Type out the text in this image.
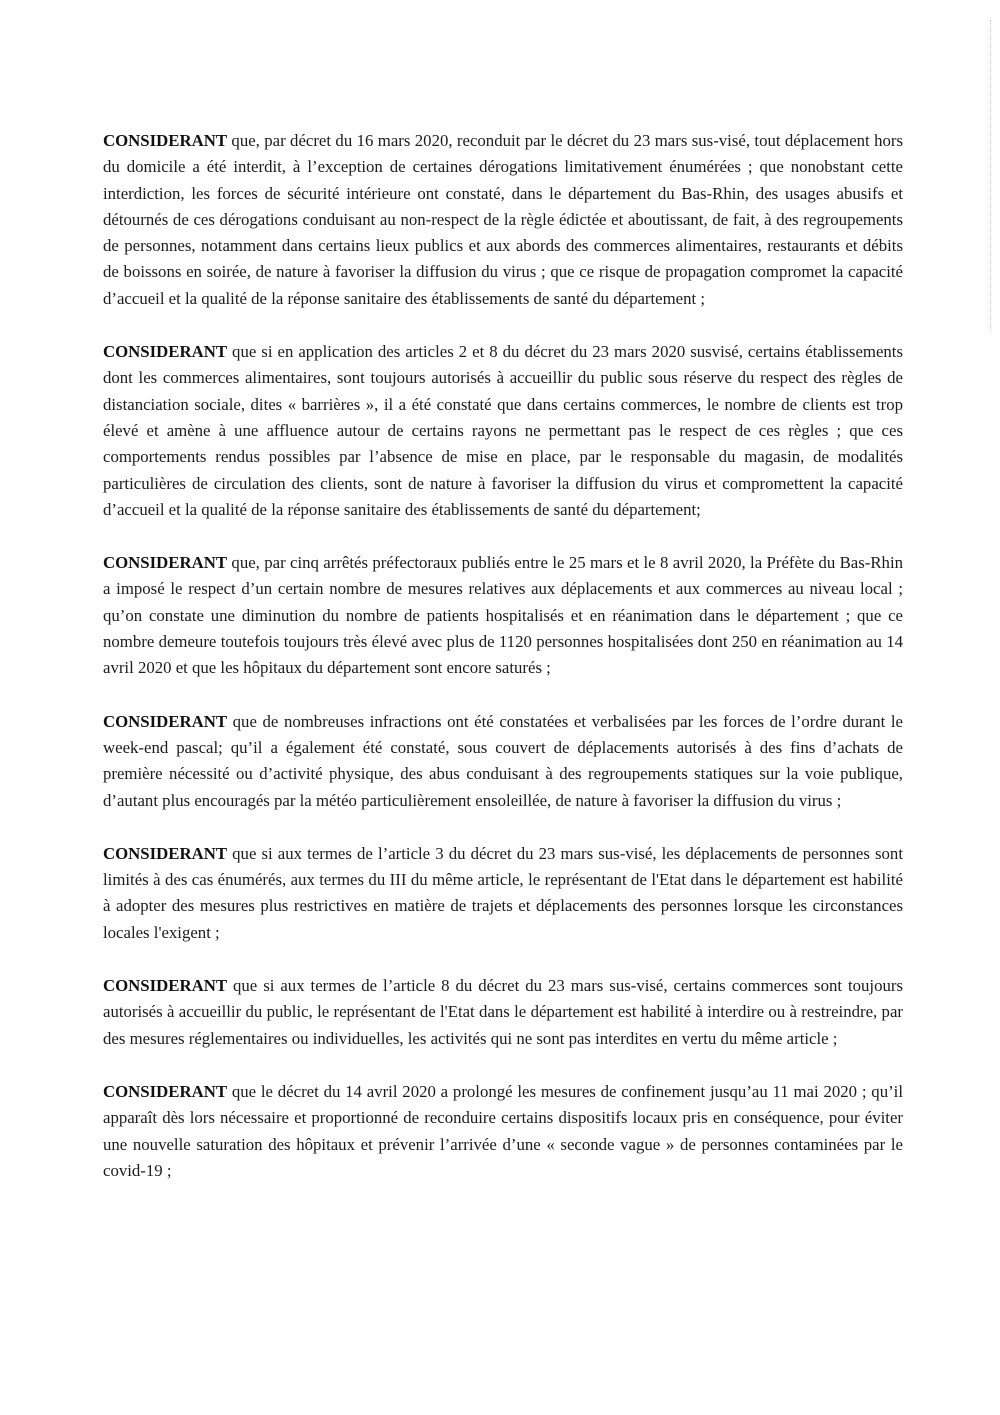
CONSIDERANT que, par décret du 16 mars 2020, reconduit par le décret du 23 mars sus-visé, tout déplacement hors du domicile a été interdit, à l’exception de certaines dérogations limitativement énumérées ; que nonobstant cette interdiction, les forces de sécurité intérieure ont constaté, dans le département du Bas-Rhin, des usages abusifs et détournés de ces dérogations conduisant au non-respect de la règle édictée et aboutissant, de fait, à des regroupements de personnes, notamment dans certains lieux publics et aux abords des commerces alimentaires, restaurants et débits de boissons en soirée, de nature à favoriser la diffusion du virus ; que ce risque de propagation compromet la capacité d’accueil et la qualité de la réponse sanitaire des établissements de santé du département ;

CONSIDERANT que si en application des articles 2 et 8 du décret du 23 mars 2020 susvisé, certains établissements dont les commerces alimentaires, sont toujours autorisés à accueillir du public sous réserve du respect des règles de distanciation sociale, dites « barrières », il a été constaté que dans certains commerces, le nombre de clients est trop élevé et amène à une affluence autour de certains rayons ne permettant pas le respect de ces règles ; que ces comportements rendus possibles par l’absence de mise en place, par le responsable du magasin, de modalités particulières de circulation des clients, sont de nature à favoriser la diffusion du virus et compromettent la capacité d’accueil et la qualité de la réponse sanitaire des établissements de santé du département;

CONSIDERANT que, par cinq arrêtés préfectoraux publiés entre le 25 mars et le 8 avril 2020, la Préfète du Bas-Rhin a imposé le respect d’un certain nombre de mesures relatives aux déplacements et aux commerces au niveau local ; qu’on constate une diminution du nombre de patients hospitalisés et en réanimation dans le département ; que ce nombre demeure toutefois toujours très élevé avec plus de 1120 personnes hospitalisées dont 250 en réanimation au 14 avril 2020 et que les hôpitaux du département sont encore saturés ;

CONSIDERANT que de nombreuses infractions ont été constatées et verbalisées par les forces de l’ordre durant le week-end pascal; qu’il a également été constaté, sous couvert de déplacements autorisés à des fins d’achats de première nécessité ou d’activité physique, des abus conduisant à des regroupements statiques sur la voie publique, d’autant plus encouragés par la météo particulièrement ensoleillée, de nature à favoriser la diffusion du virus ;

CONSIDERANT que si aux termes de l’article 3 du décret du 23 mars sus-visé, les déplacements de personnes sont limités à des cas énumérés, aux termes du III du même article, le représentant de l'Etat dans le département est habilité à adopter des mesures plus restrictives en matière de trajets et déplacements des personnes lorsque les circonstances locales l'exigent ;

CONSIDERANT que si aux termes de l’article 8 du décret du 23 mars sus-visé, certains commerces sont toujours autorisés à accueillir du public, le représentant de l'Etat dans le département est habilité à interdire ou à restreindre, par des mesures réglementaires ou individuelles, les activités qui ne sont pas interdites en vertu du même article ;

CONSIDERANT que le décret du 14 avril 2020 a prolongé les mesures de confinement jusqu’au 11 mai 2020 ; qu’il apparaît dès lors nécessaire et proportionné de reconduire certains dispositifs locaux pris en conséquence, pour éviter une nouvelle saturation des hôpitaux et prévenir l’arrivée d’une « seconde vague » de personnes contaminées par le covid-19 ;
